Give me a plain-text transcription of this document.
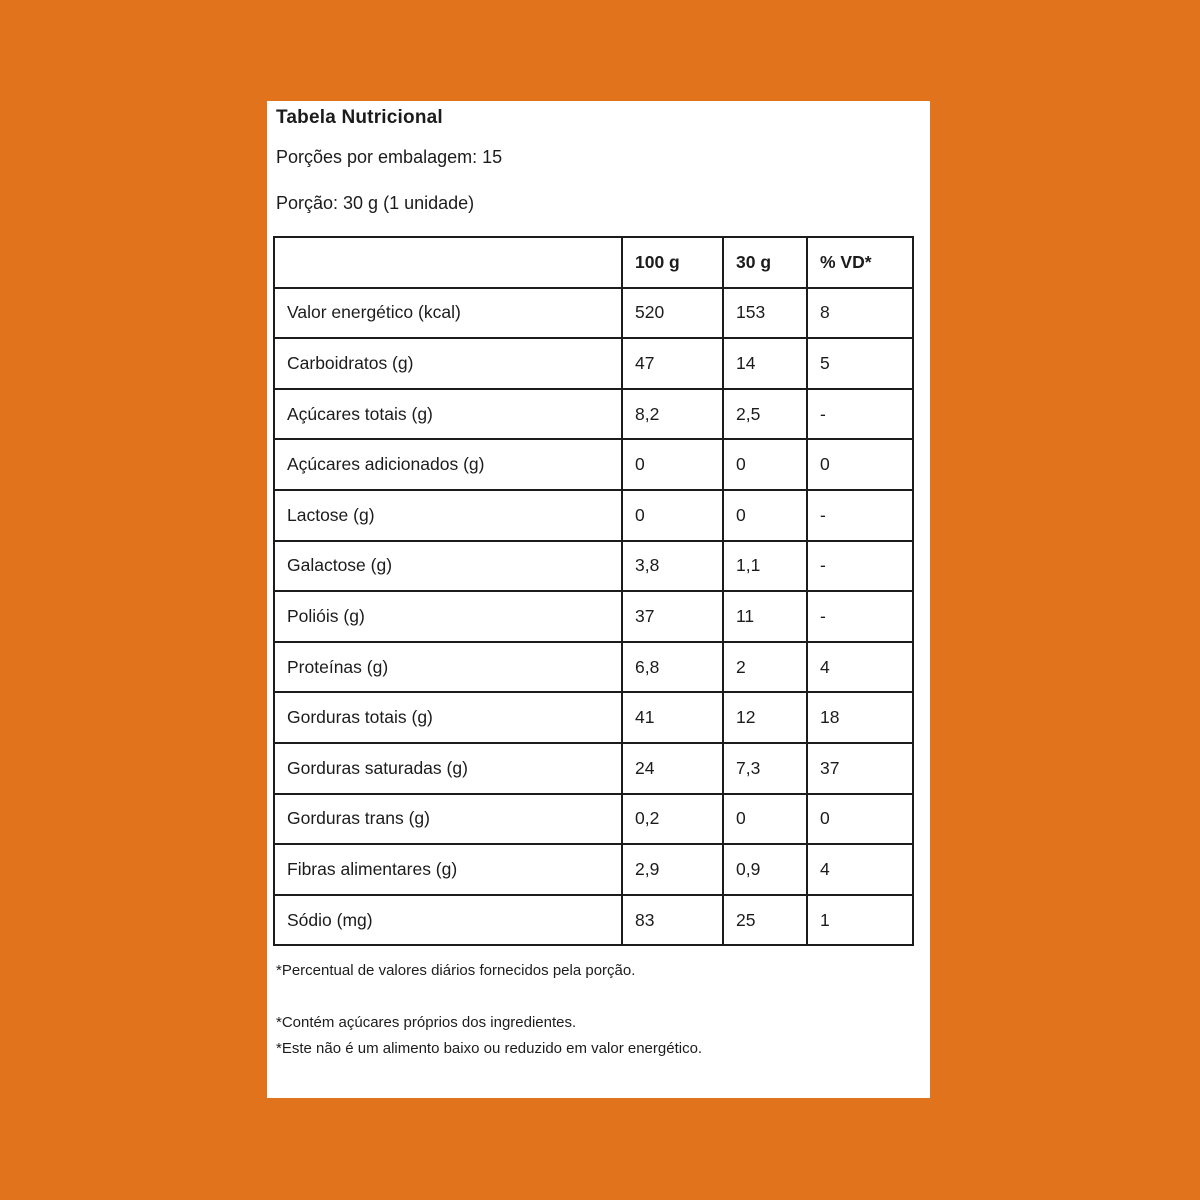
Tabela Nutricional
Porções por embalagem: 15
Porção: 30 g (1 unidade)
	100 g	30 g	% VD*
Valor energético (kcal)	520	153	8
Carboidratos (g)	47	14	5
Açúcares totais (g)	8,2	2,5	-
Açúcares adicionados (g)	0	0	0
Lactose (g)	0	0	-
Galactose (g)	3,8	1,1	-
Polióis (g)	37	11	-
Proteínas (g)	6,8	2	4
Gorduras totais (g)	41	12	18
Gorduras saturadas (g)	24	7,3	37
Gorduras trans (g)	0,2	0	0
Fibras alimentares (g)	2,9	0,9	4
Sódio (mg)	83	25	1
*Percentual de valores diários fornecidos pela porção.
*Contém açúcares próprios dos ingredientes.
*Este não é um alimento baixo ou reduzido em valor energético.
